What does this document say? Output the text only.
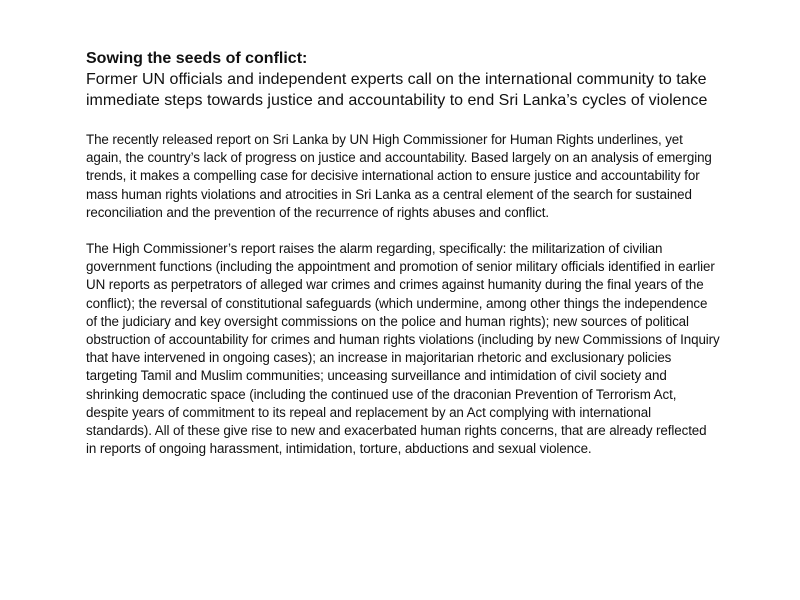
Sowing the seeds of conflict:

Former UN officials and independent experts call on the international community to take immediate steps towards justice and accountability to end Sri Lanka’s cycles of violence

The recently released report on Sri Lanka by UN High Commissioner for Human Rights underlines, yet again, the country’s lack of progress on justice and accountability. Based largely on an analysis of emerging trends, it makes a compelling case for decisive international action to ensure justice and accountability for mass human rights violations and atrocities in Sri Lanka as a central element of the search for sustained reconciliation and the prevention of the recurrence of rights abuses and conflict.

The High Commissioner’s report raises the alarm regarding, specifically: the militarization of civilian government functions (including the appointment and promotion of senior military officials identified in earlier UN reports as perpetrators of alleged war crimes and crimes against humanity during the final years of the conflict); the reversal of constitutional safeguards (which undermine, among other things the independence of the judiciary and key oversight commissions on the police and human rights); new sources of political obstruction of accountability for crimes and human rights violations (including by new Commissions of Inquiry that have intervened in ongoing cases); an increase in majoritarian rhetoric and exclusionary policies targeting Tamil and Muslim communities; unceasing surveillance and intimidation of civil society and shrinking democratic space (including the continued use of the draconian Prevention of Terrorism Act, despite years of commitment to its repeal and replacement by an Act complying with international standards). All of these give rise to new and exacerbated human rights concerns, that are already reflected in reports of ongoing harassment, intimidation, torture, abductions and sexual violence.
